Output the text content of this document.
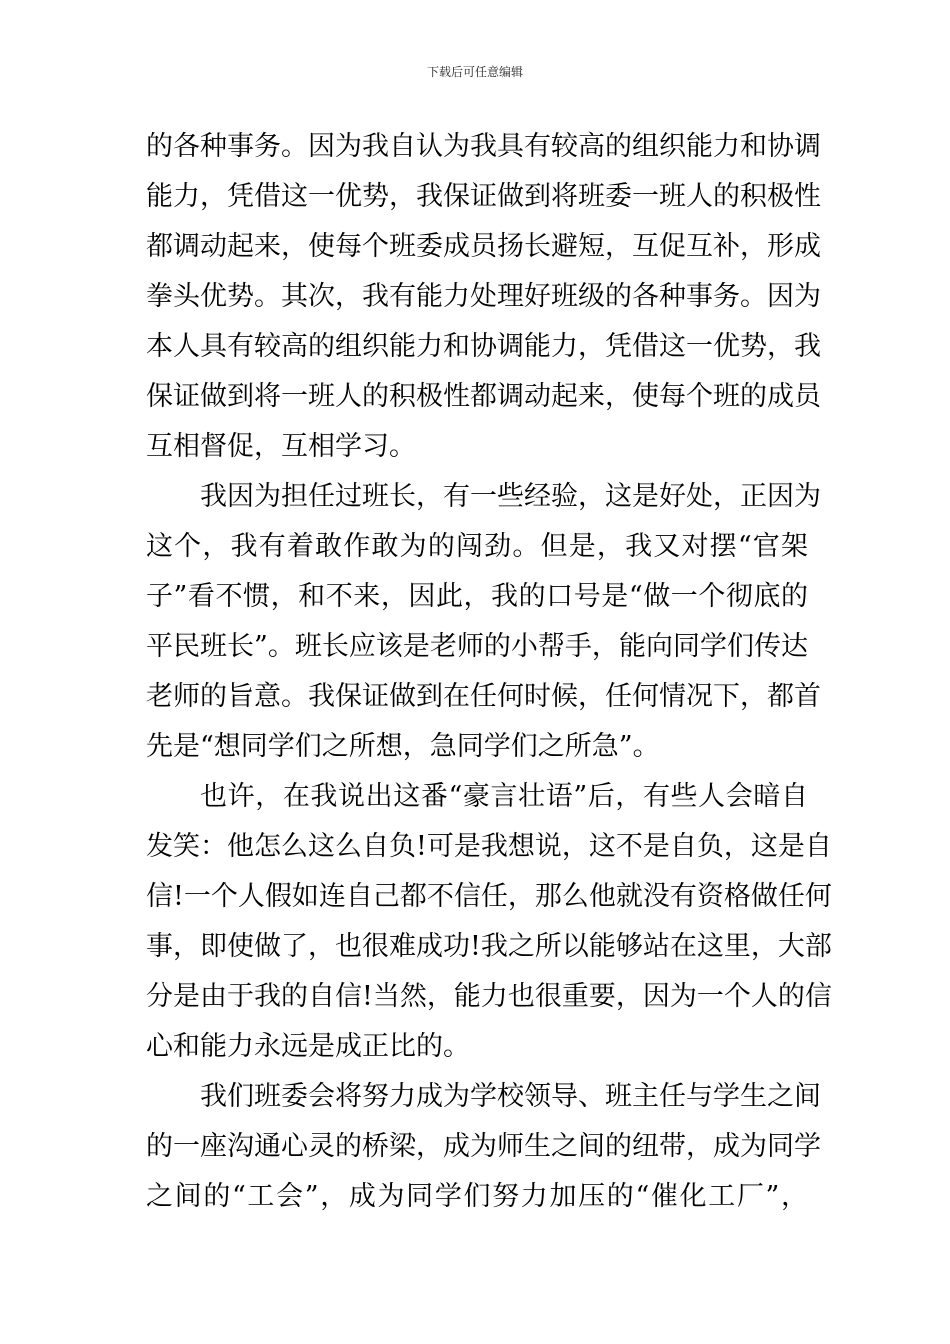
下载后可任意编辑
的各种事务。因为我自认为我具有较高的组织能力和协调
能力，凭借这一优势，我保证做到将班委一班人的积极性
都调动起来，使每个班委成员扬长避短，互促互补，形成
拳头优势。其次，我有能力处理好班级的各种事务。因为
本人具有较高的组织能力和协调能力，凭借这一优势，我
保证做到将一班人的积极性都调动起来，使每个班的成员
互相督促，互相学习。
我因为担任过班长，有一些经验，这是好处，正因为
这个，我有着敢作敢为的闯劲。但是，我又对摆“官架
子”看不惯，和不来，因此，我的口号是“做一个彻底的
平民班长”。班长应该是老师的小帮手，能向同学们传达
老师的旨意。我保证做到在任何时候，任何情况下，都首
先是“想同学们之所想，急同学们之所急”。
也许，在我说出这番“豪言壮语”后，有些人会暗自
发笑：他怎么这么自负!可是我想说，这不是自负，这是自
信!一个人假如连自己都不信任，那么他就没有资格做任何
事，即使做了，也很难成功!我之所以能够站在这里，大部
分是由于我的自信!当然，能力也很重要，因为一个人的信
心和能力永远是成正比的。
我们班委会将努力成为学校领导、班主任与学生之间
的一座沟通心灵的桥梁，成为师生之间的纽带，成为同学
之间的“工会”，成为同学们努力加压的“催化工厂”，
